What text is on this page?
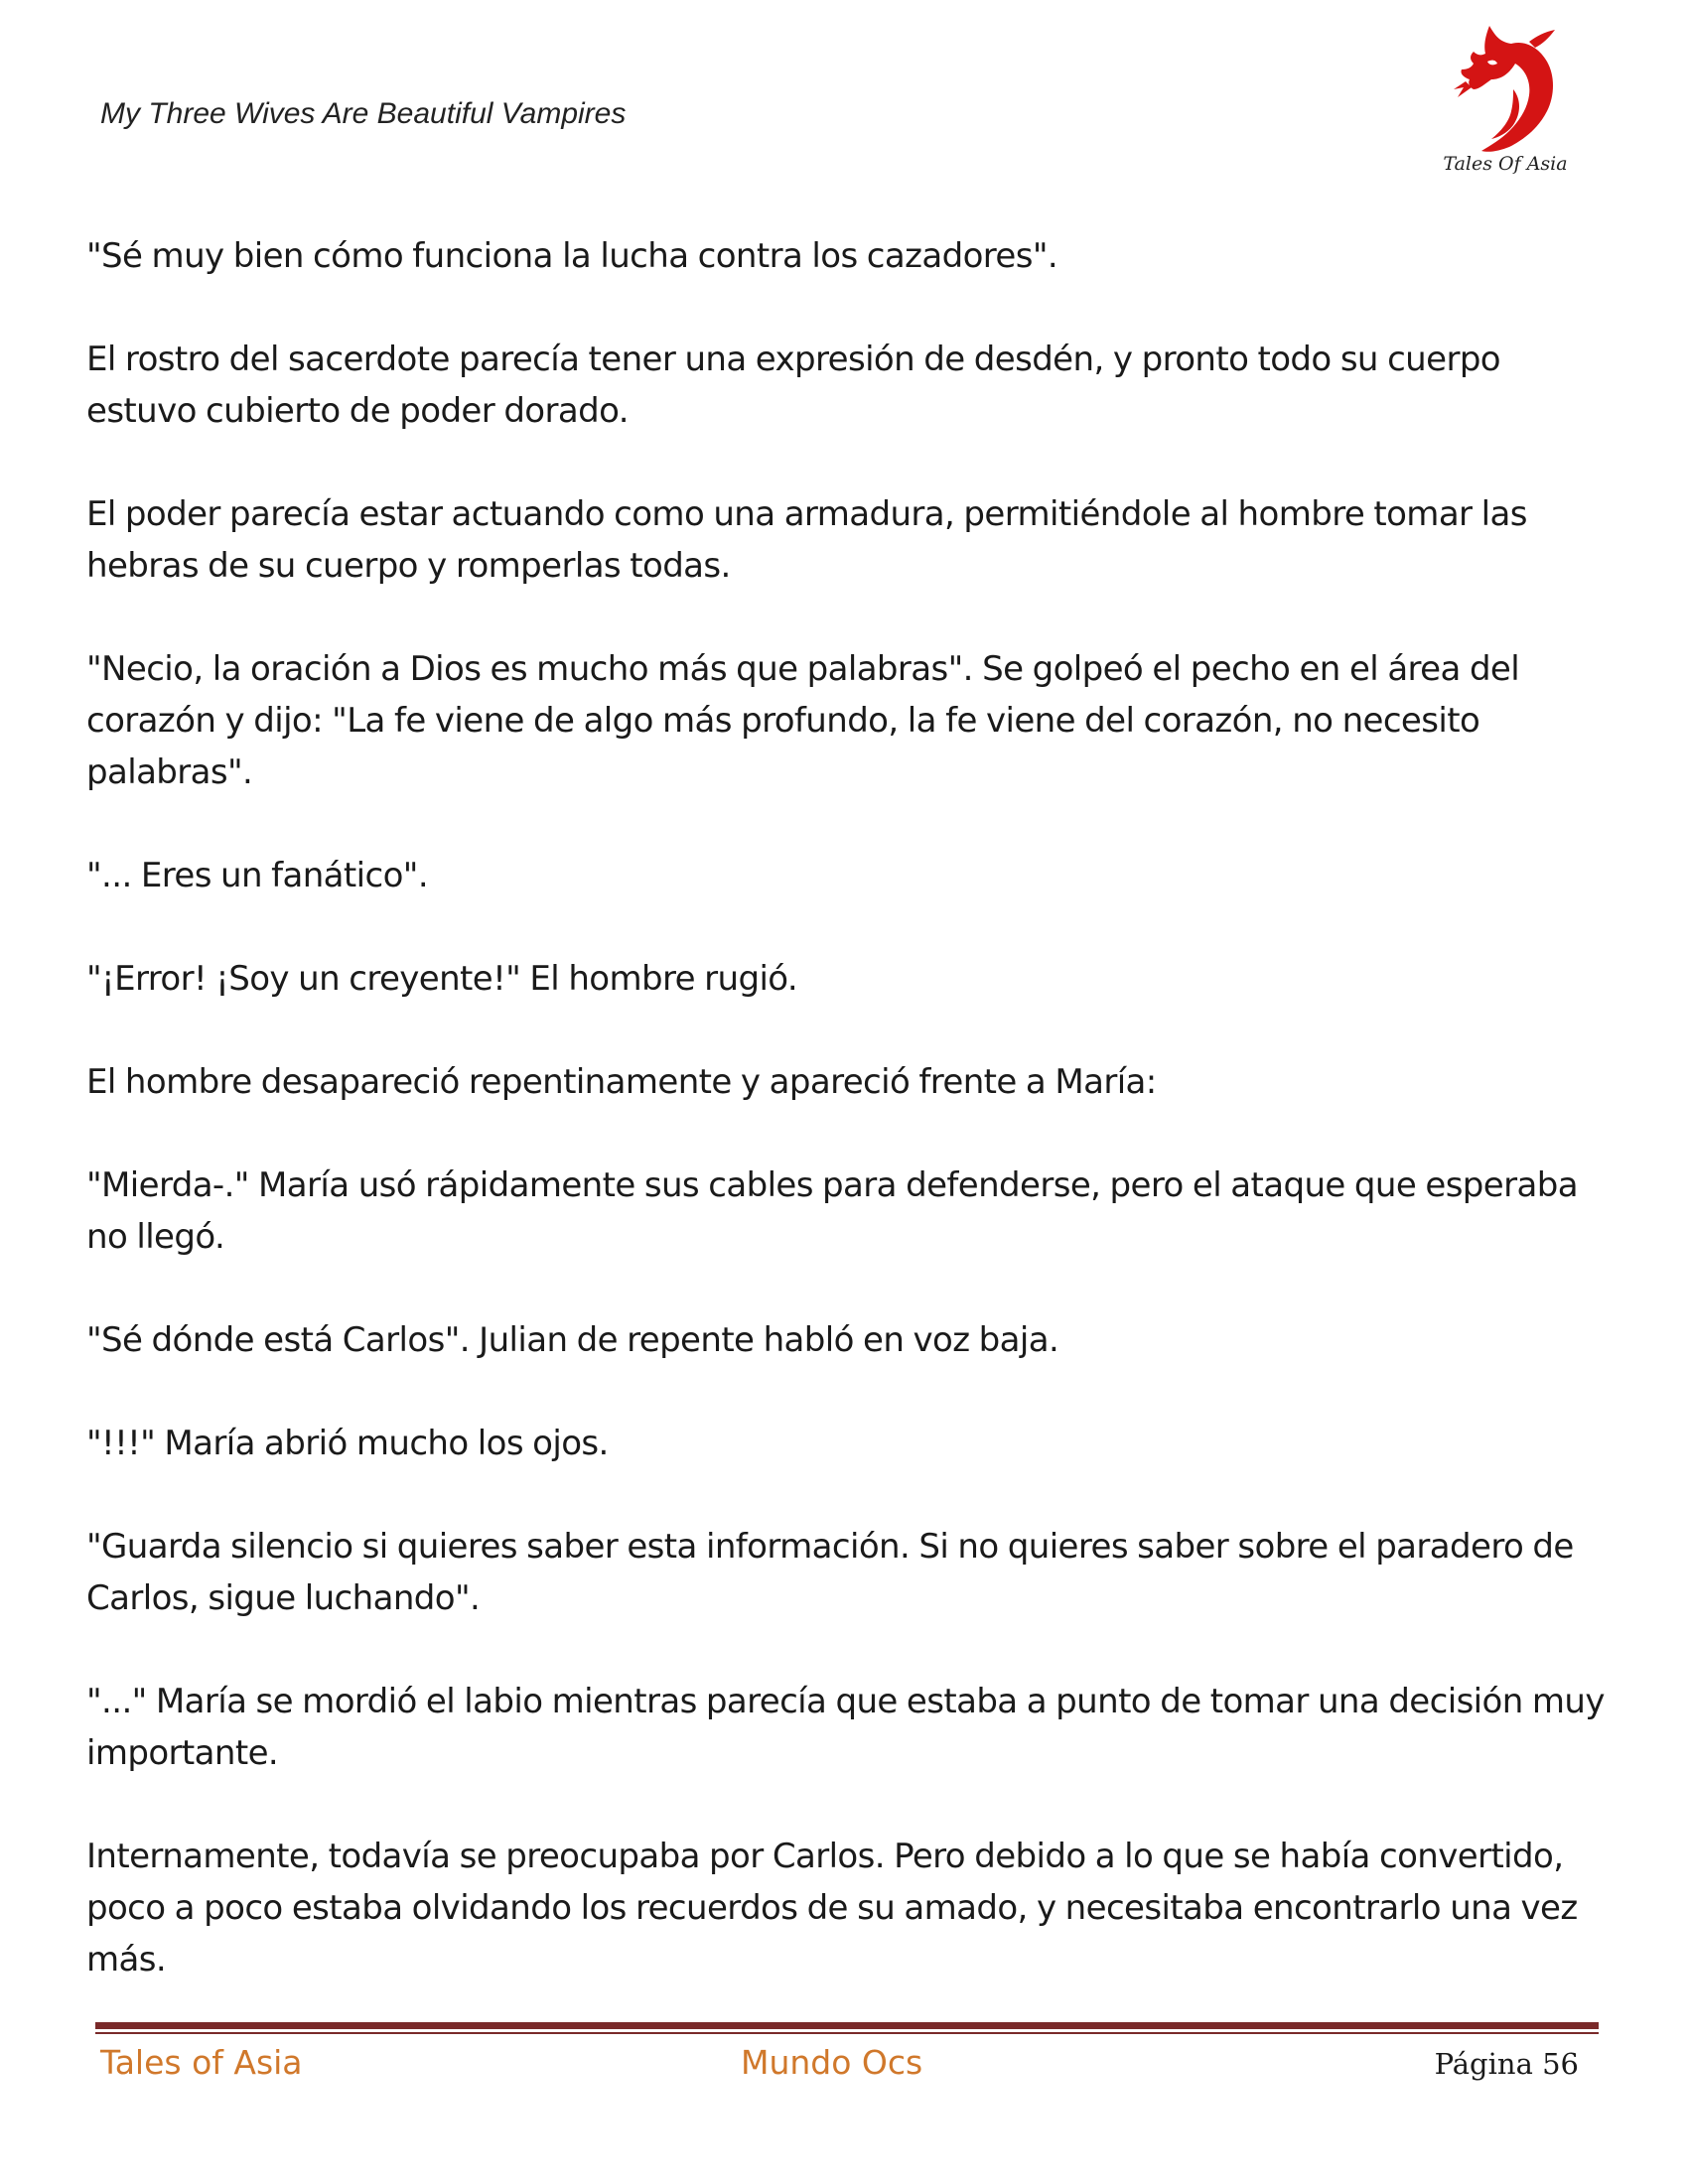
My Three Wives Are Beautiful Vampires
Tales Of Asia

"Sé muy bien cómo funciona la lucha contra los cazadores".

El rostro del sacerdote parecía tener una expresión de desdén, y pronto todo su cuerpo estuvo cubierto de poder dorado.

El poder parecía estar actuando como una armadura, permitiéndole al hombre tomar las hebras de su cuerpo y romperlas todas.

"Necio, la oración a Dios es mucho más que palabras". Se golpeó el pecho en el área del corazón y dijo: "La fe viene de algo más profundo, la fe viene del corazón, no necesito palabras".

"... Eres un fanático".

"¡Error! ¡Soy un creyente!" El hombre rugió.

El hombre desapareció repentinamente y apareció frente a María:

"Mierda-." María usó rápidamente sus cables para defenderse, pero el ataque que esperaba no llegó.

"Sé dónde está Carlos". Julian de repente habló en voz baja.

"!!!" María abrió mucho los ojos.

"Guarda silencio si quieres saber esta información. Si no quieres saber sobre el paradero de Carlos, sigue luchando".

"..." María se mordió el labio mientras parecía que estaba a punto de tomar una decisión muy importante.

Internamente, todavía se preocupaba por Carlos. Pero debido a lo que se había convertido, poco a poco estaba olvidando los recuerdos de su amado, y necesitaba encontrarlo una vez más.

Tales of Asia	Mundo Ocs	Página 56
